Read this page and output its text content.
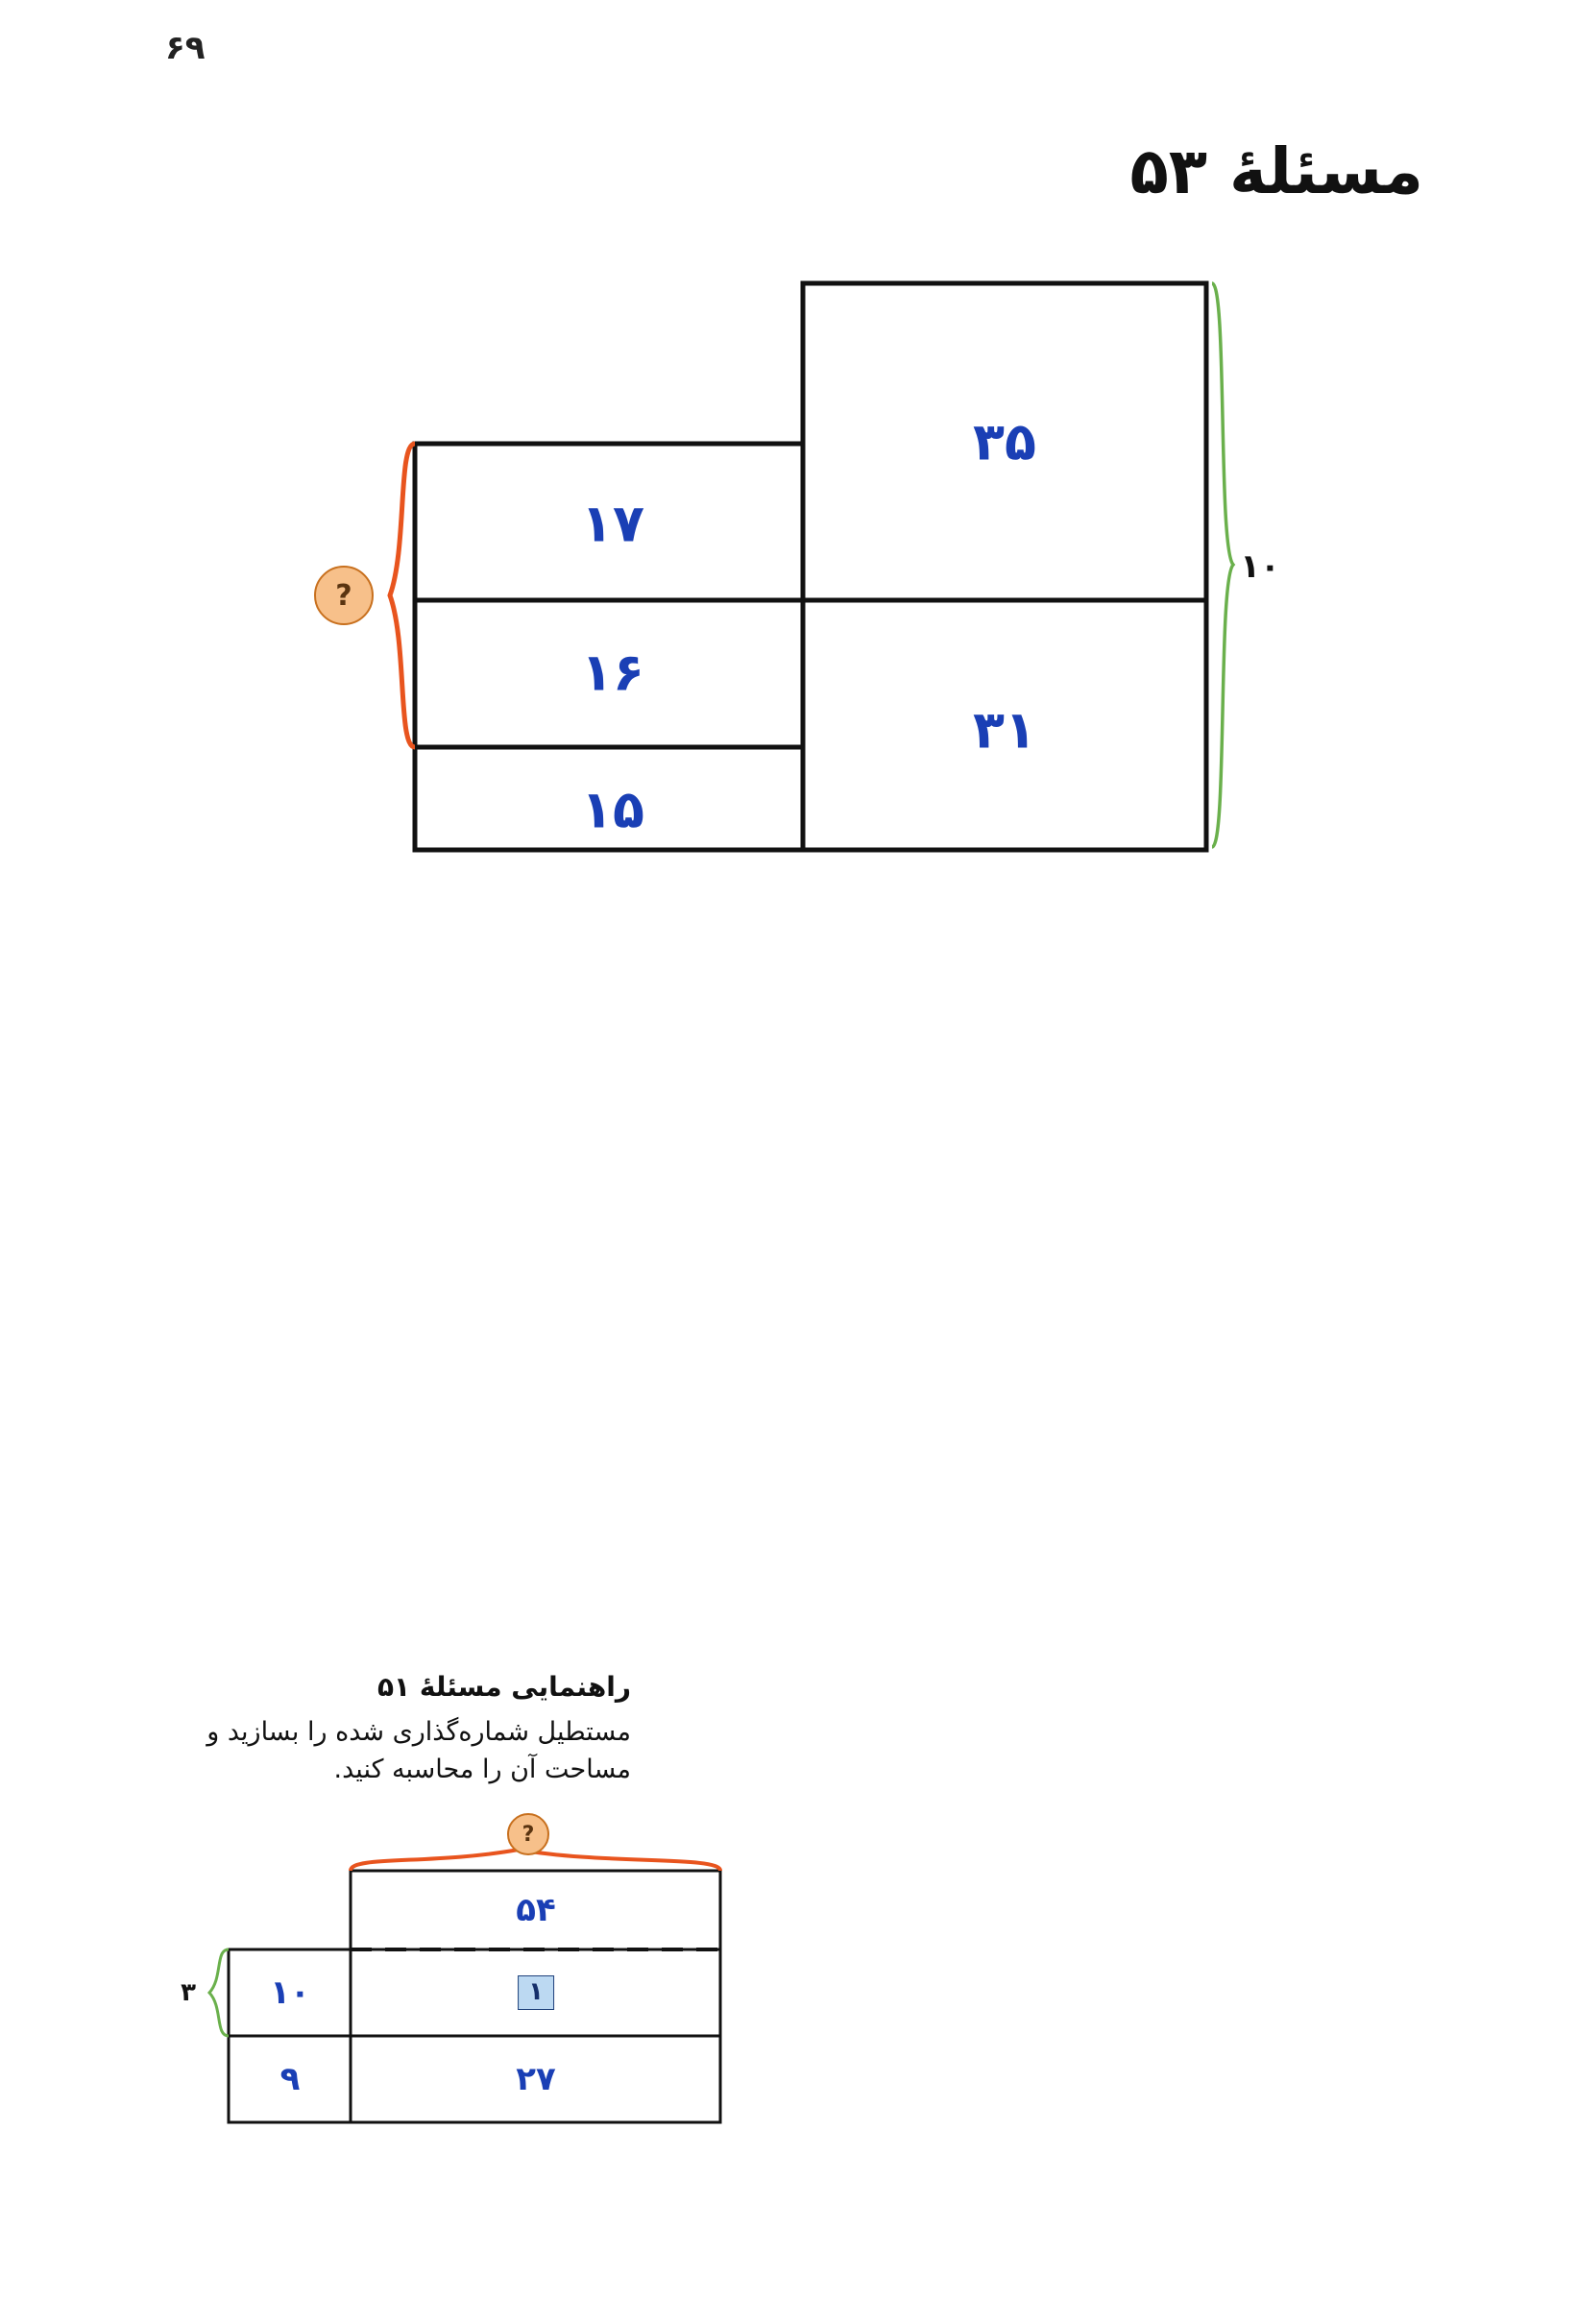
۶۹
مسئلهٔ ۵۳
۳۵
۱۷
۱۶
۳۱
۱۵
۱۰
?
راهنمایی مسئلهٔ ۵۱
مستطیل شماره‌گذاری شده را بسازید و مساحت آن را محاسبه کنید.
۵۴
۱۰	۱
۹	۲۷
۳
?
